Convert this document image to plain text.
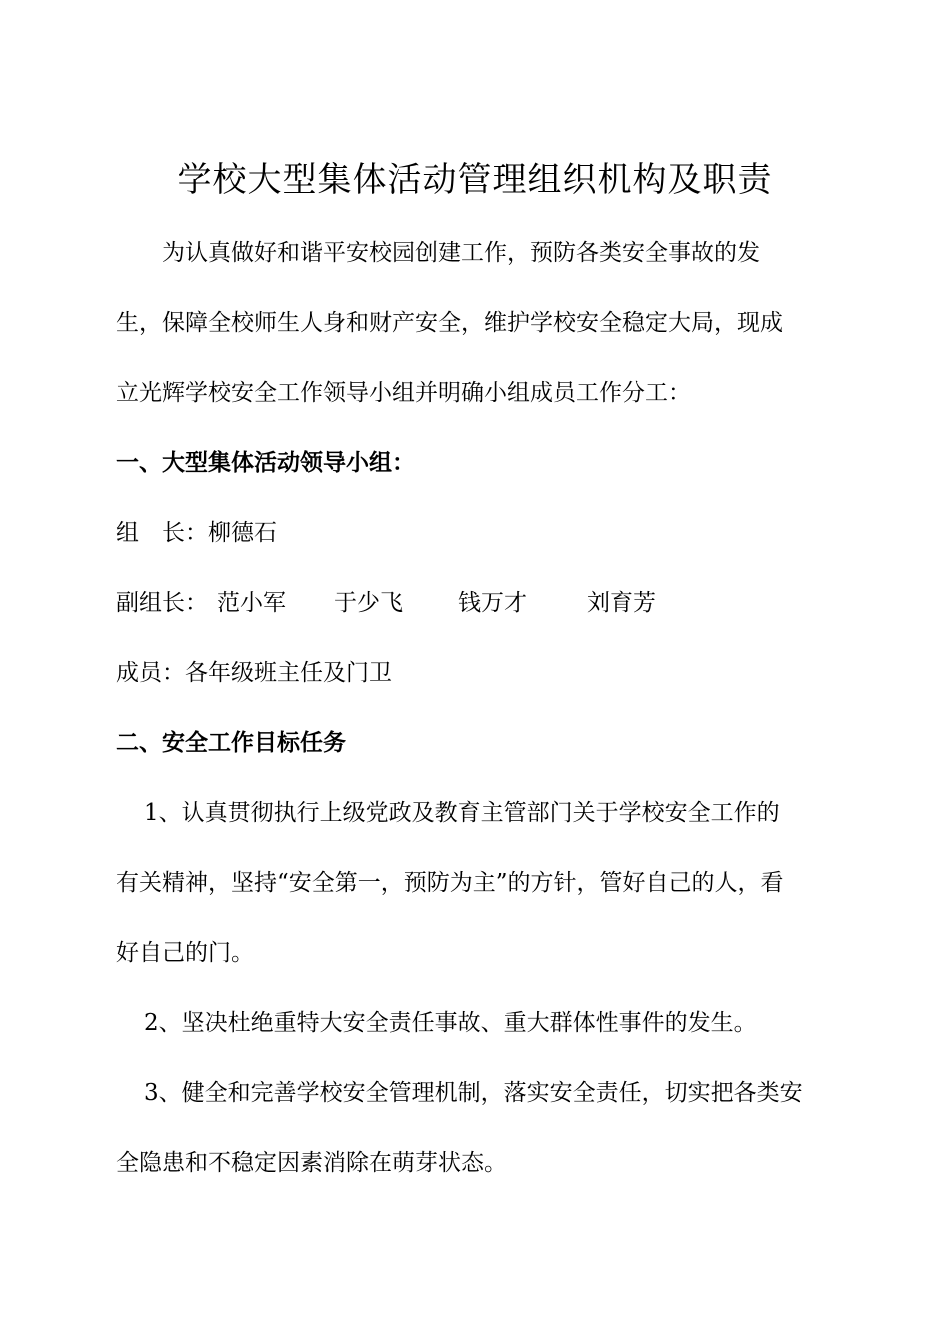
学校大型集体活动管理组织机构及职责
为认真做好和谐平安校园创建工作，预防各类安全事故的发
生，保障全校师生人身和财产安全，维护学校安全稳定大局，现成
立光辉学校安全工作领导小组并明确小组成员工作分工：
一、大型集体活动领导小组：
组　长：柳德石
副组长： 范小军 于少飞 钱万才	刘育芳
成员：各年级班主任及门卫
二、安全工作目标任务
1、认真贯彻执行上级党政及教育主管部门关于学校安全工作的
有关精神，坚持“安全第一，预防为主”的方针，管好自己的人，看
好自己的门。
2、坚决杜绝重特大安全责任事故、重大群体性事件的发生。
3、健全和完善学校安全管理机制，落实安全责任，切实把各类安
全隐患和不稳定因素消除在萌芽状态。
